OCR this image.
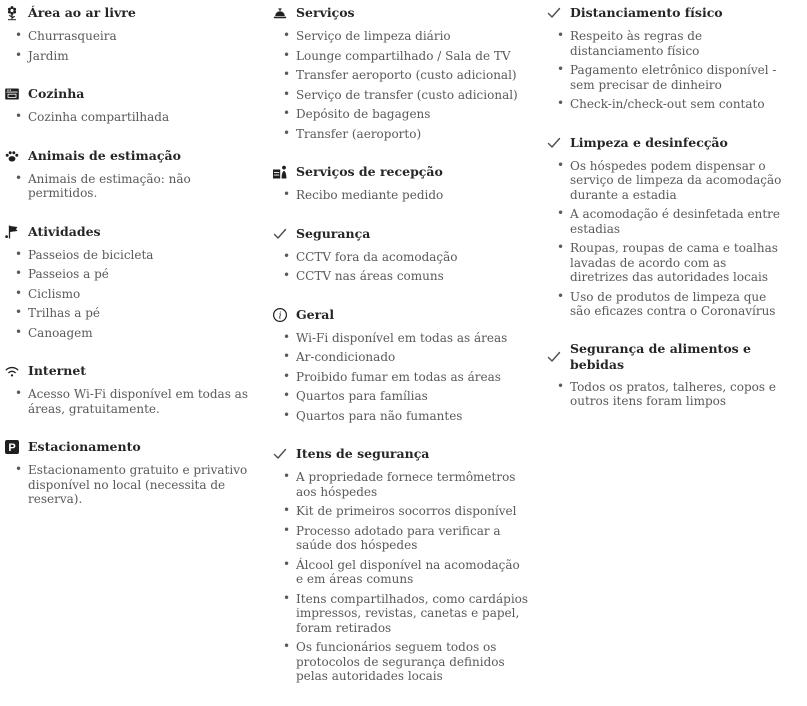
Área ao ar livre
• Churrasqueira
• Jardim
Cozinha
• Cozinha compartilhada
Animais de estimação
• Animais de estimação: não permitidos.
Atividades
• Passeios de bicicleta
• Passeios a pé
• Ciclismo
• Trilhas a pé
• Canoagem
Internet
• Acesso Wi-Fi disponível em todas as áreas, gratuitamente.
P Estacionamento
• Estacionamento gratuito e privativo disponível no local (necessita de reserva).
Serviços
• Serviço de limpeza diário
• Lounge compartilhado / Sala de TV
• Transfer aeroporto (custo adicional)
• Serviço de transfer (custo adicional)
• Depósito de bagagens
• Transfer (aeroporto)
Serviços de recepção
• Recibo mediante pedido
Segurança
• CCTV fora da acomodação
• CCTV nas áreas comuns
i Geral
• Wi-Fi disponível em todas as áreas
• Ar-condicionado
• Proibido fumar em todas as áreas
• Quartos para famílias
• Quartos para não fumantes
Itens de segurança
• A propriedade fornece termômetros aos hóspedes
• Kit de primeiros socorros disponível
• Processo adotado para verificar a saúde dos hóspedes
• Álcool gel disponível na acomodação e em áreas comuns
• Itens compartilhados, como cardápios impressos, revistas, canetas e papel, foram retirados
• Os funcionários seguem todos os protocolos de segurança definidos pelas autoridades locais
Distanciamento físico
• Respeito às regras de distanciamento físico
• Pagamento eletrônico disponível - sem precisar de dinheiro
• Check-in/check-out sem contato
Limpeza e desinfecção
• Os hóspedes podem dispensar o serviço de limpeza da acomodação durante a estadia
• A acomodação é desinfetada entre estadias
• Roupas, roupas de cama e toalhas lavadas de acordo com as diretrizes das autoridades locais
• Uso de produtos de limpeza que são eficazes contra o Coronavírus
Segurança de alimentos e bebidas
• Todos os pratos, talheres, copos e outros itens foram limpos
